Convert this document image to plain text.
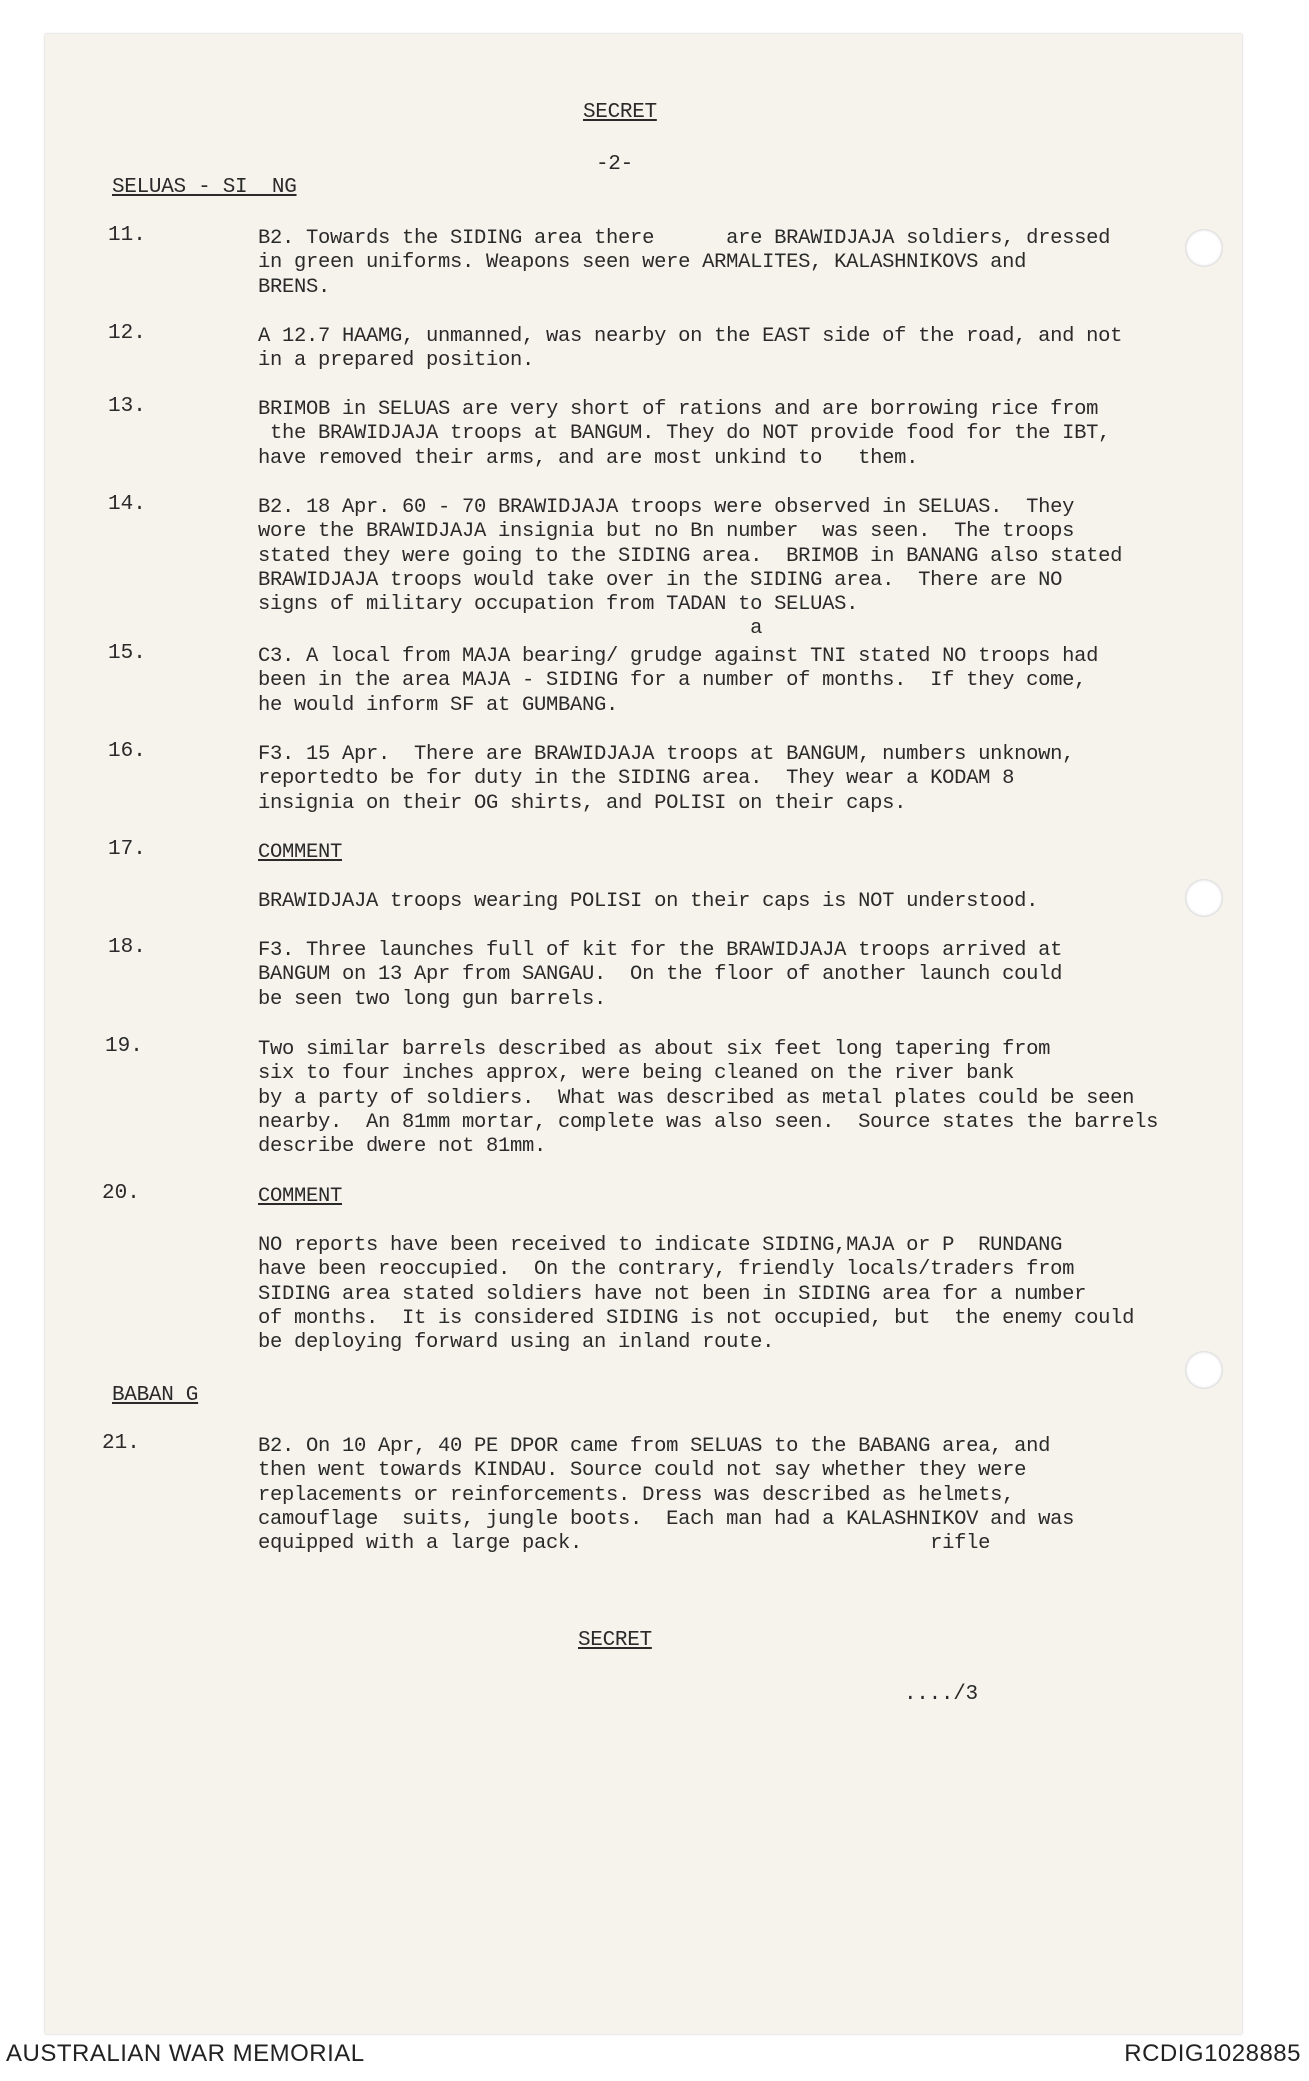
SECRET
-2-
SELUAS - SI  NG
11.	B2. Towards the SIDING area there      are BRAWIDJAJA soldiers, dressed
in green uniforms. Weapons seen were ARMALITES, KALASHNIKOVS and
BRENS.
12.	A 12.7 HAAMG, unmanned, was nearby on the EAST side of the road, and not
in a prepared position.
13.	BRIMOB in SELUAS are very short of rations and are borrowing rice from
the BRAWIDJAJA troops at BANGUM. They do NOT provide food for the IBT,
have removed their arms, and are most unkind to   them.
14.	B2. 18 Apr. 60 - 70 BRAWIDJAJA troops were observed in SELUAS.  They
wore the BRAWIDJAJA insignia but no Bn number  was seen.  The troops
stated they were going to the SIDING area.  BRIMOB in BANANG also stated
BRAWIDJAJA troops would take over in the SIDING area.  There are NO
signs of military occupation from TADAN to SELUAS.
a
15.	C3. A local from MAJA bearing/ grudge against TNI stated NO troops had
been in the area MAJA - SIDING for a number of months.  If they come,
he would inform SF at GUMBANG.
16.	F3. 15 Apr.  There are BRAWIDJAJA troops at BANGUM, numbers unknown,
reportedto be for duty in the SIDING area.  They wear a KODAM 8
insignia on their OG shirts, and POLISI on their caps.
17.	COMMENT
BRAWIDJAJA troops wearing POLISI on their caps is NOT understood.
18.	F3. Three launches full of kit for the BRAWIDJAJA troops arrived at
BANGUM on 13 Apr from SANGAU.  On the floor of another launch could
be seen two long gun barrels.
19.	Two similar barrels described as about six feet long tapering from
six to four inches approx, were being cleaned on the river bank
by a party of soldiers.  What was described as metal plates could be seen
nearby.  An 81mm mortar, complete was also seen.  Source states the barrels
describe dwere not 81mm.
20.	COMMENT
NO reports have been received to indicate SIDING,MAJA or P  RUNDANG
have been reoccupied.  On the contrary, friendly locals/traders from
SIDING area stated soldiers have not been in SIDING area for a number
of months.  It is considered SIDING is not occupied, but  the enemy could
be deploying forward using an inland route.
BABAN G
21.	B2. On 10 Apr, 40 PE DPOR came from SELUAS to the BABANG area, and
then went towards KINDAU. Source could not say whether they were
replacements or reinforcements. Dress was described as helmets,
camouflage  suits, jungle boots.  Each man had a KALASHNIKOV and was
equipped with a large pack.                             rifle
SECRET
..../3
AUSTRALIAN WAR MEMORIAL	RCDIG1028885
